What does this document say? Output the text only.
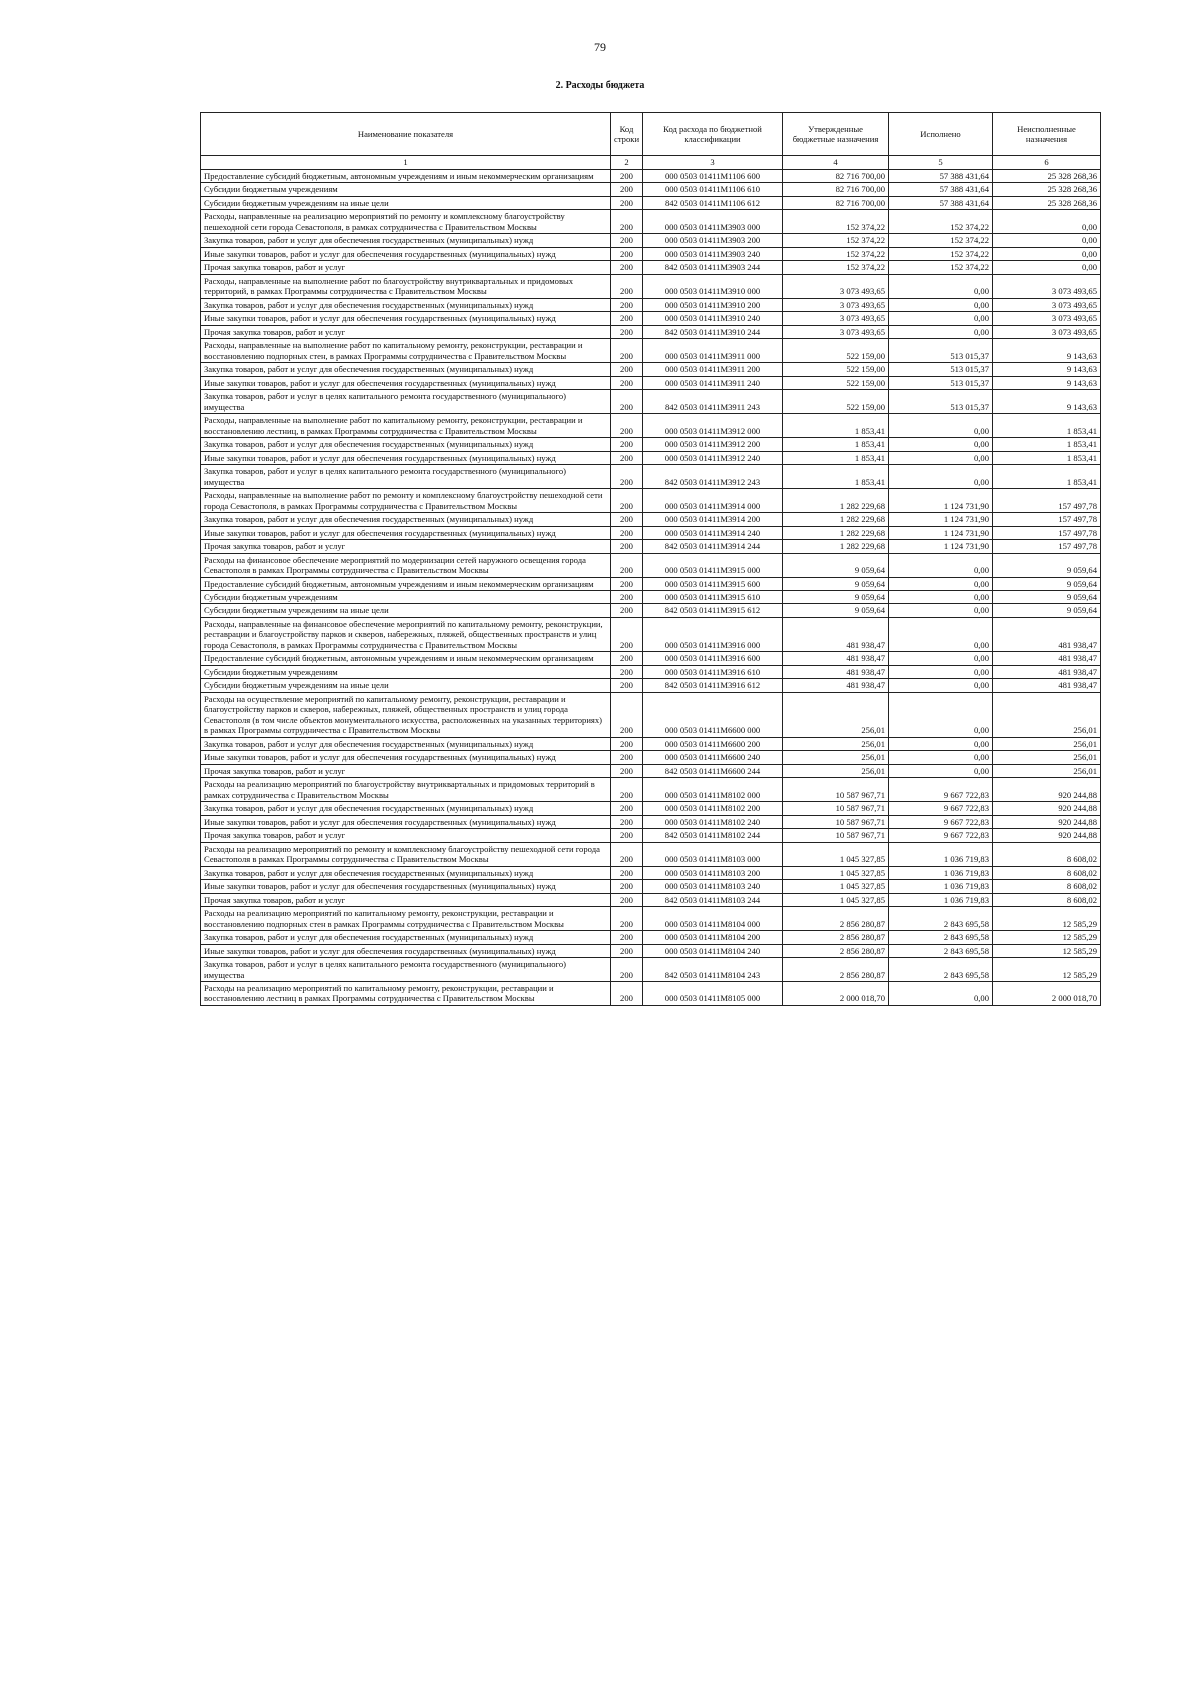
79
2. Расходы бюджета
Наименование показателя	Код строки	Код расхода по бюджетной классификации	Утвержденные бюджетные назначения	Исполнено	Неисполненные назначения
1	2	3	4	5	6
Предоставление субсидий бюджетным, автономным учреждениям и иным некоммерческим организациям	200	000 0503 01411M1106 600	82 716 700,00	57 388 431,64	25 328 268,36
Субсидии бюджетным учреждениям	200	000 0503 01411M1106 610	82 716 700,00	57 388 431,64	25 328 268,36
Субсидии бюджетным учреждениям на иные цели	200	842 0503 01411M1106 612	82 716 700,00	57 388 431,64	25 328 268,36
Расходы, направленные на реализацию мероприятий по ремонту и комплексному благоустройству пешеходной сети города Севастополя, в рамках сотрудничества с Правительством Москвы	200	000 0503 01411M3903 000	152 374,22	152 374,22	0,00
Закупка товаров, работ и услуг для обеспечения государственных (муниципальных) нужд	200	000 0503 01411M3903 200	152 374,22	152 374,22	0,00
Иные закупки товаров, работ и услуг для обеспечения государственных (муниципальных) нужд	200	000 0503 01411M3903 240	152 374,22	152 374,22	0,00
Прочая закупка товаров, работ и услуг	200	842 0503 01411M3903 244	152 374,22	152 374,22	0,00
Расходы, направленные на выполнение работ по благоустройству внутриквартальных и придомовых территорий, в рамках Программы сотрудничества с Правительством Москвы	200	000 0503 01411M3910 000	3 073 493,65	0,00	3 073 493,65
Закупка товаров, работ и услуг для обеспечения государственных (муниципальных) нужд	200	000 0503 01411M3910 200	3 073 493,65	0,00	3 073 493,65
Иные закупки товаров, работ и услуг для обеспечения государственных (муниципальных) нужд	200	000 0503 01411M3910 240	3 073 493,65	0,00	3 073 493,65
Прочая закупка товаров, работ и услуг	200	842 0503 01411M3910 244	3 073 493,65	0,00	3 073 493,65
Расходы, направленные на выполнение работ по капитальному ремонту, реконструкции, реставрации и восстановлению подпорных стен, в рамках Программы сотрудничества с Правительством Москвы	200	000 0503 01411M3911 000	522 159,00	513 015,37	9 143,63
Закупка товаров, работ и услуг для обеспечения государственных (муниципальных) нужд	200	000 0503 01411M3911 200	522 159,00	513 015,37	9 143,63
Иные закупки товаров, работ и услуг для обеспечения государственных (муниципальных) нужд	200	000 0503 01411M3911 240	522 159,00	513 015,37	9 143,63
Закупка товаров, работ и услуг в целях капитального ремонта государственного (муниципального) имущества	200	842 0503 01411M3911 243	522 159,00	513 015,37	9 143,63
Расходы, направленные на выполнение работ по капитальному ремонту, реконструкции, реставрации и восстановлению лестниц, в рамках Программы сотрудничества с Правительством Москвы	200	000 0503 01411M3912 000	1 853,41	0,00	1 853,41
Закупка товаров, работ и услуг для обеспечения государственных (муниципальных) нужд	200	000 0503 01411M3912 200	1 853,41	0,00	1 853,41
Иные закупки товаров, работ и услуг для обеспечения государственных (муниципальных) нужд	200	000 0503 01411M3912 240	1 853,41	0,00	1 853,41
Закупка товаров, работ и услуг в целях капитального ремонта государственного (муниципального) имущества	200	842 0503 01411M3912 243	1 853,41	0,00	1 853,41
Расходы, направленные на выполнение работ по ремонту и комплексному благоустройству пешеходной сети города Севастополя, в рамках Программы сотрудничества с Правительством Москвы	200	000 0503 01411M3914 000	1 282 229,68	1 124 731,90	157 497,78
Закупка товаров, работ и услуг для обеспечения государственных (муниципальных) нужд	200	000 0503 01411M3914 200	1 282 229,68	1 124 731,90	157 497,78
Иные закупки товаров, работ и услуг для обеспечения государственных (муниципальных) нужд	200	000 0503 01411M3914 240	1 282 229,68	1 124 731,90	157 497,78
Прочая закупка товаров, работ и услуг	200	842 0503 01411M3914 244	1 282 229,68	1 124 731,90	157 497,78
Расходы на финансовое обеспечение мероприятий по модернизации сетей наружного освещения города Севастополя в рамках Программы сотрудничества с Правительством Москвы	200	000 0503 01411M3915 000	9 059,64	0,00	9 059,64
Предоставление субсидий бюджетным, автономным учреждениям и иным некоммерческим организациям	200	000 0503 01411M3915 600	9 059,64	0,00	9 059,64
Субсидии бюджетным учреждениям	200	000 0503 01411M3915 610	9 059,64	0,00	9 059,64
Субсидии бюджетным учреждениям на иные цели	200	842 0503 01411M3915 612	9 059,64	0,00	9 059,64
Расходы, направленные на финансовое обеспечение мероприятий по капитальному ремонту, реконструкции, реставрации и благоустройству парков и скверов, набережных, пляжей, общественных пространств и улиц города Севастополя, в рамках Программы сотрудничества с Правительством Москвы	200	000 0503 01411M3916 000	481 938,47	0,00	481 938,47
Предоставление субсидий бюджетным, автономным учреждениям и иным некоммерческим организациям	200	000 0503 01411M3916 600	481 938,47	0,00	481 938,47
Субсидии бюджетным учреждениям	200	000 0503 01411M3916 610	481 938,47	0,00	481 938,47
Субсидии бюджетным учреждениям на иные цели	200	842 0503 01411M3916 612	481 938,47	0,00	481 938,47
Расходы на осуществление мероприятий по капитальному ремонту, реконструкции, реставрации и благоустройству парков и скверов, набережных, пляжей, общественных пространств и улиц города Севастополя (в том числе объектов монументального искусства, расположенных на указанных территориях) в рамках Программы сотрудничества с Правительством Москвы	200	000 0503 01411M6600 000	256,01	0,00	256,01
Закупка товаров, работ и услуг для обеспечения государственных (муниципальных) нужд	200	000 0503 01411M6600 200	256,01	0,00	256,01
Иные закупки товаров, работ и услуг для обеспечения государственных (муниципальных) нужд	200	000 0503 01411M6600 240	256,01	0,00	256,01
Прочая закупка товаров, работ и услуг	200	842 0503 01411M6600 244	256,01	0,00	256,01
Расходы на реализацию мероприятий по благоустройству внутриквартальных и придомовых территорий в рамках сотрудничества с Правительством Москвы	200	000 0503 01411M8102 000	10 587 967,71	9 667 722,83	920 244,88
Закупка товаров, работ и услуг для обеспечения государственных (муниципальных) нужд	200	000 0503 01411M8102 200	10 587 967,71	9 667 722,83	920 244,88
Иные закупки товаров, работ и услуг для обеспечения государственных (муниципальных) нужд	200	000 0503 01411M8102 240	10 587 967,71	9 667 722,83	920 244,88
Прочая закупка товаров, работ и услуг	200	842 0503 01411M8102 244	10 587 967,71	9 667 722,83	920 244,88
Расходы на реализацию мероприятий по ремонту и комплексному благоустройству пешеходной сети города Севастополя в рамках Программы сотрудничества с Правительством Москвы	200	000 0503 01411M8103 000	1 045 327,85	1 036 719,83	8 608,02
Закупка товаров, работ и услуг для обеспечения государственных (муниципальных) нужд	200	000 0503 01411M8103 200	1 045 327,85	1 036 719,83	8 608,02
Иные закупки товаров, работ и услуг для обеспечения государственных (муниципальных) нужд	200	000 0503 01411M8103 240	1 045 327,85	1 036 719,83	8 608,02
Прочая закупка товаров, работ и услуг	200	842 0503 01411M8103 244	1 045 327,85	1 036 719,83	8 608,02
Расходы на реализацию мероприятий по капитальному ремонту, реконструкции, реставрации и восстановлению подпорных стен в рамках Программы сотрудничества с Правительством Москвы	200	000 0503 01411M8104 000	2 856 280,87	2 843 695,58	12 585,29
Закупка товаров, работ и услуг для обеспечения государственных (муниципальных) нужд	200	000 0503 01411M8104 200	2 856 280,87	2 843 695,58	12 585,29
Иные закупки товаров, работ и услуг для обеспечения государственных (муниципальных) нужд	200	000 0503 01411M8104 240	2 856 280,87	2 843 695,58	12 585,29
Закупка товаров, работ и услуг в целях капитального ремонта государственного (муниципального) имущества	200	842 0503 01411M8104 243	2 856 280,87	2 843 695,58	12 585,29
Расходы на реализацию мероприятий по капитальному ремонту, реконструкции, реставрации и восстановлению лестниц в рамках Программы сотрудничества с Правительством Москвы	200	000 0503 01411M8105 000	2 000 018,70	0,00	2 000 018,70
